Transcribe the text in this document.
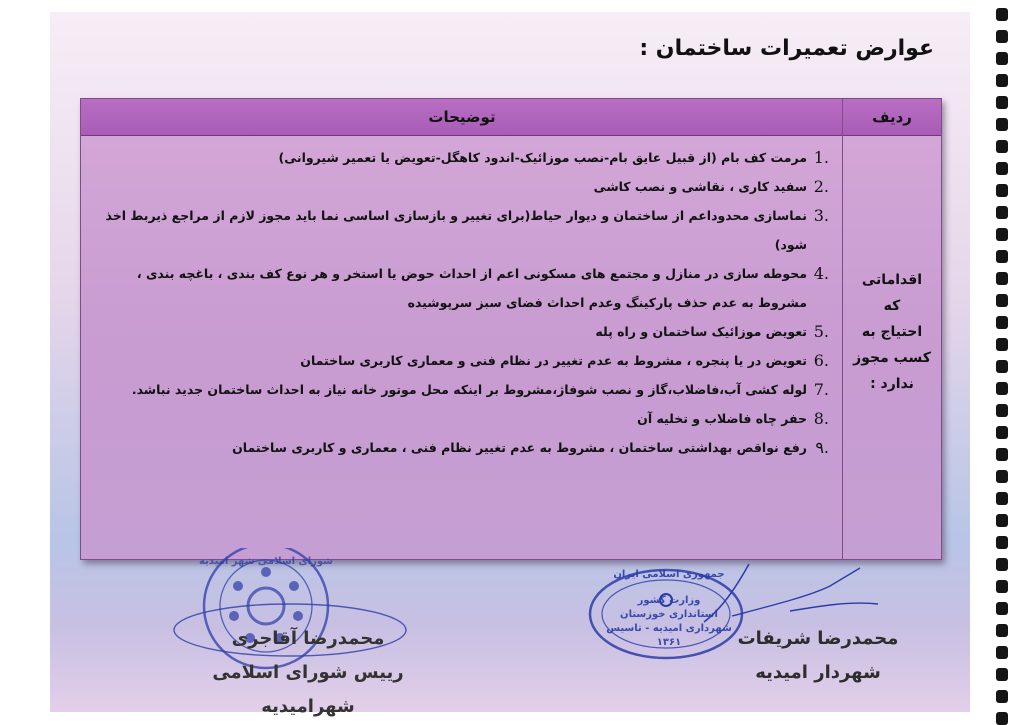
عوارض تعمیرات ساختمان :
ردیف
توضیحات
اقداماتی که
احتیاج به
کسب مجوز
ندارد :
1.
مرمت کف بام (از قبیل عایق بام-نصب موزائیک-اندود کاهگل-تعویض یا تعمیر شیروانی)
2.
سفید کاری ، نقاشی و نصب کاشی
3.
نماسازی محدوداعم از ساختمان و دیوار حیاط(برای تغییر و بازسازی اساسی نما باید مجوز لازم از مراجع ذیربط اخذ شود)
4.
محوطه سازی در منازل و مجتمع های مسکونی اعم از احداث حوض یا استخر و هر نوع کف بندی ، باغچه بندی ، مشروط به عدم حذف پارکینگ وعدم احداث فضای سبز سرپوشیده
5.
تعویض موزائیک ساختمان و راه پله
6.
تعویض در یا پنجره ، مشروط به عدم تغییر در نظام فنی و معماری کاربری ساختمان
7.
لوله کشی آب،فاضلاب،گاز و نصب شوفاژ،مشروط بر اینکه محل موتور خانه نیاز به احداث ساختمان جدید نباشد.
8.
حفر چاه فاضلاب و تخلیه آن
۹.
رفع نواقص بهداشتی ساختمان ، مشروط به عدم تغییر نظام فنی ، معماری و کاربری ساختمان
جمهوری اسلامی ایران
وزارت کشور
استانداری خوزستان
شهرداری امیدیه - تاسیس ۱۳۶۱
شورای اسلامی شهر امیدیه
محمدرضا شریفات
شهردار امیدیه
محمدرضا آقاجری
رییس شورای اسلامی شهرامیدیه
